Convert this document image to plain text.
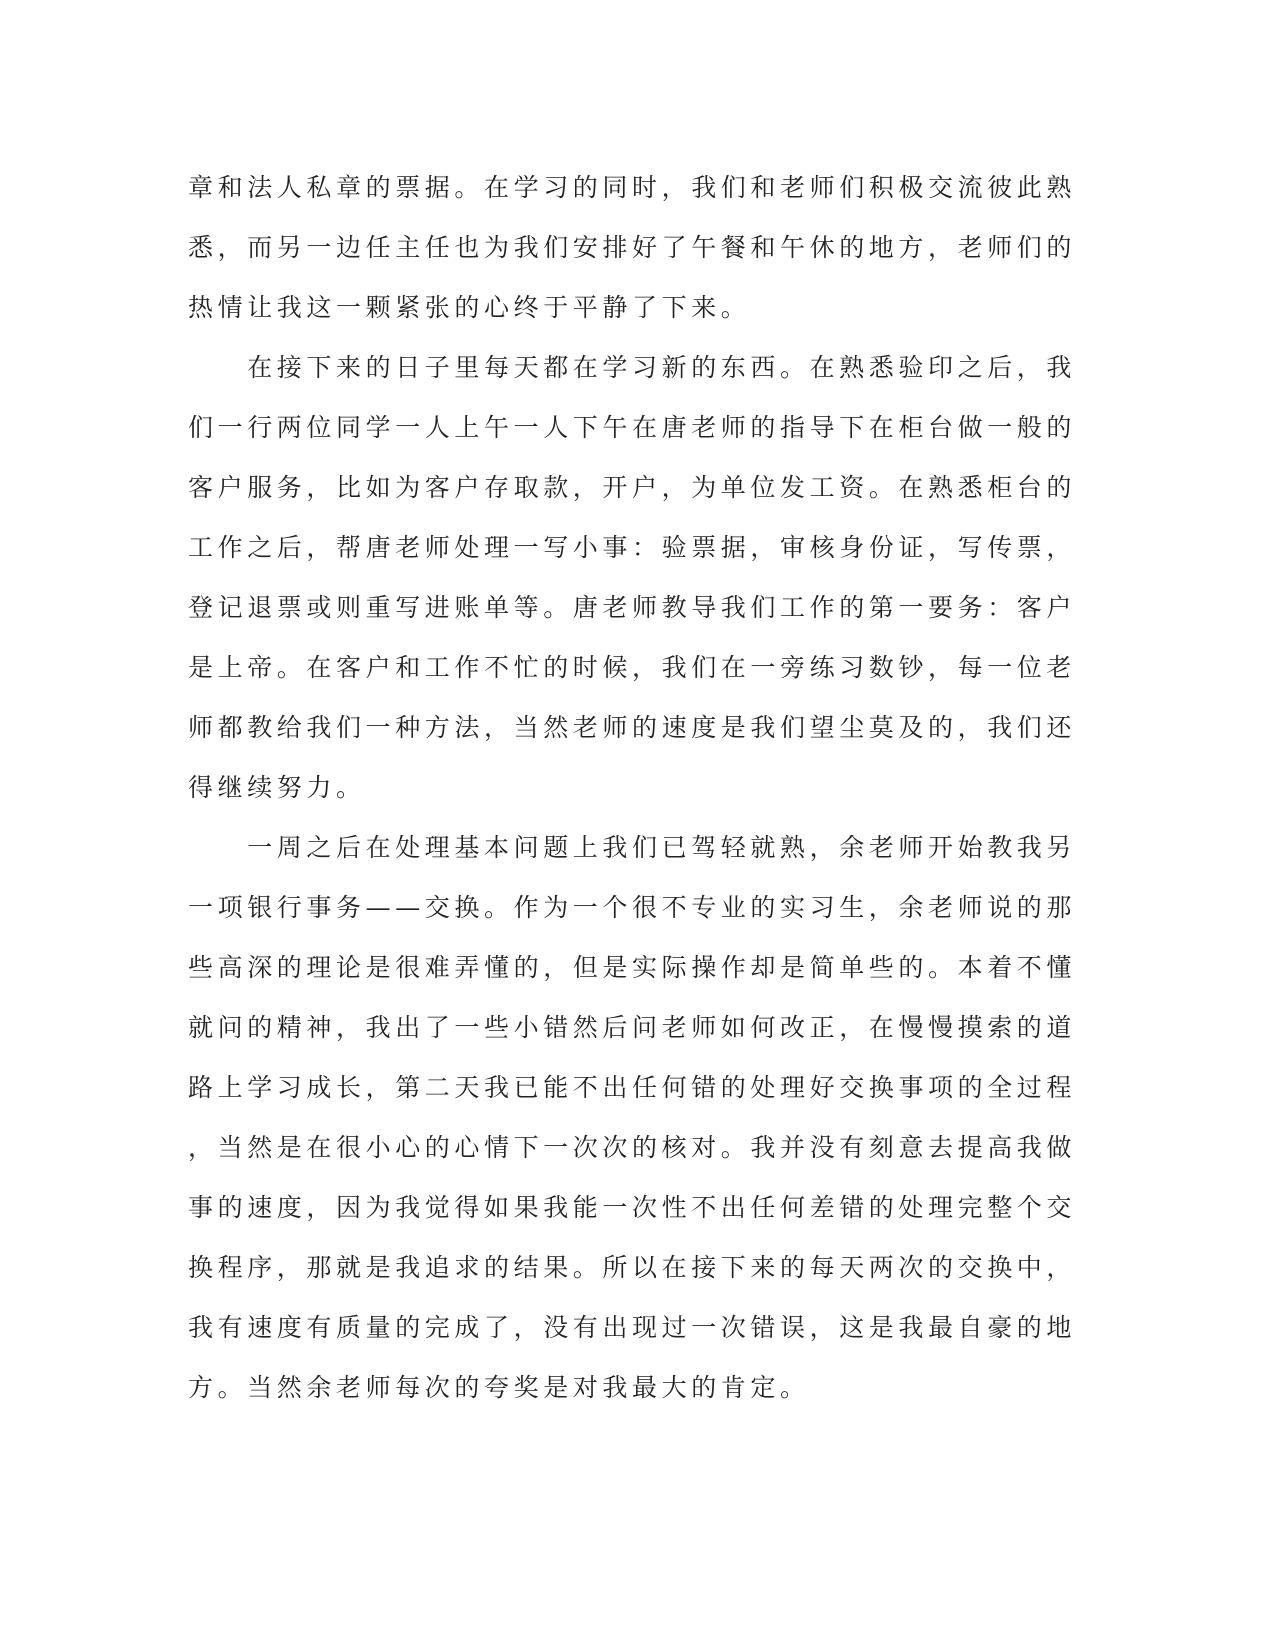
章和法人私章的票据。在学习的同时，我们和老师们积极交流彼此熟
悉，而另一边任主任也为我们安排好了午餐和午休的地方，老师们的
热情让我这一颗紧张的心终于平静了下来。
　　在接下来的日子里每天都在学习新的东西。在熟悉验印之后，我
们一行两位同学一人上午一人下午在唐老师的指导下在柜台做一般的
客户服务，比如为客户存取款，开户，为单位发工资。在熟悉柜台的
工作之后，帮唐老师处理一写小事：验票据，审核身份证，写传票，
登记退票或则重写进账单等。唐老师教导我们工作的第一要务：客户
是上帝。在客户和工作不忙的时候，我们在一旁练习数钞，每一位老
师都教给我们一种方法，当然老师的速度是我们望尘莫及的，我们还
得继续努力。
　　一周之后在处理基本问题上我们已驾轻就熟，余老师开始教我另
一项银行事务——交换。作为一个很不专业的实习生，余老师说的那
些高深的理论是很难弄懂的，但是实际操作却是简单些的。本着不懂
就问的精神，我出了一些小错然后问老师如何改正，在慢慢摸索的道
路上学习成长，第二天我已能不出任何错的处理好交换事项的全过程
，当然是在很小心的心情下一次次的核对。我并没有刻意去提高我做
事的速度，因为我觉得如果我能一次性不出任何差错的处理完整个交
换程序，那就是我追求的结果。所以在接下来的每天两次的交换中，
我有速度有质量的完成了，没有出现过一次错误，这是我最自豪的地
方。当然余老师每次的夸奖是对我最大的肯定。
